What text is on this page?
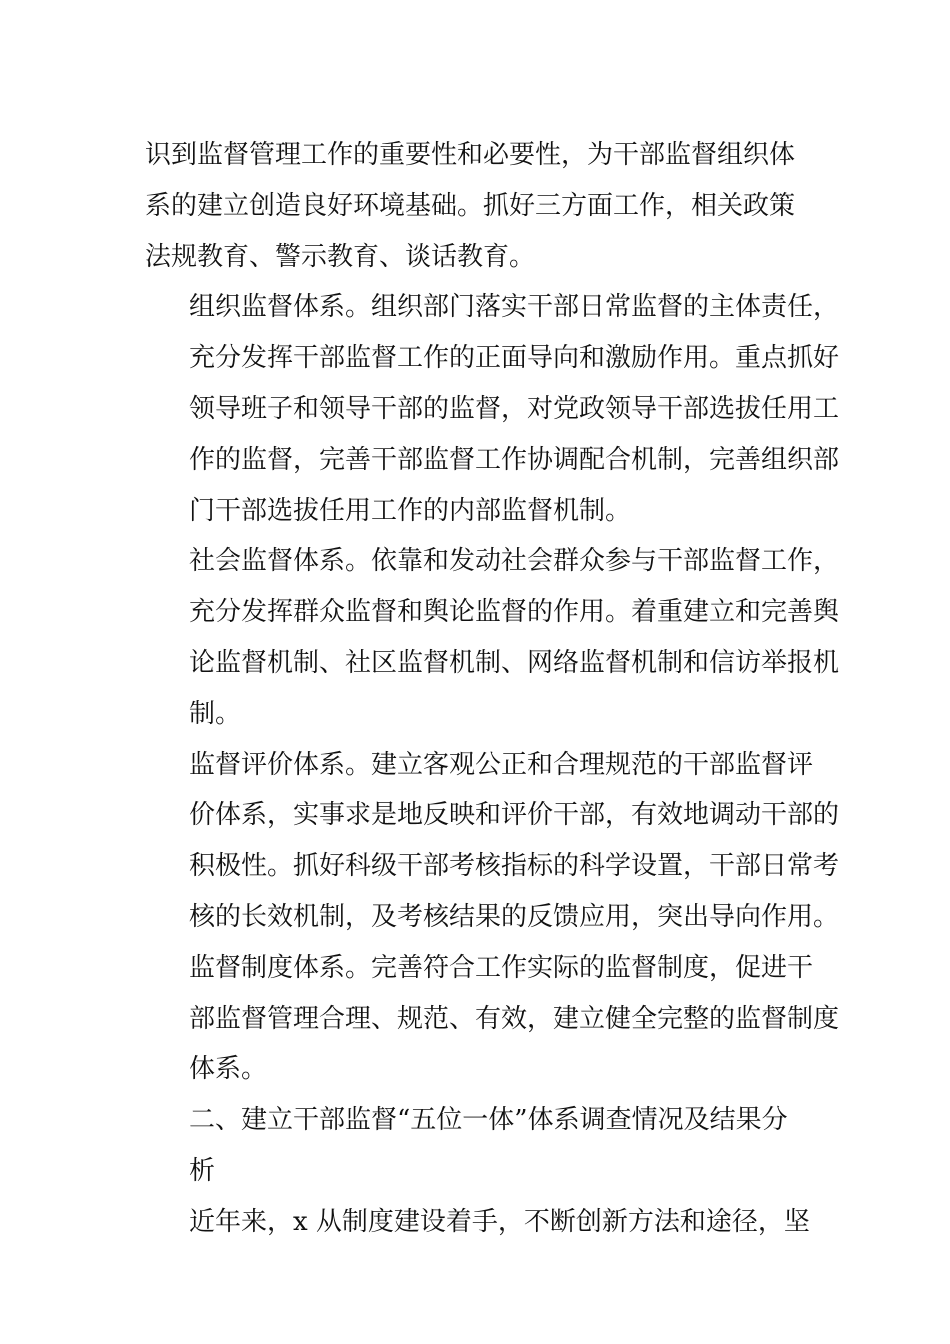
识到监督管理工作的重要性和必要性，为干部监督组织体
系的建立创造良好环境基础。抓好三方面工作，相关政策
法规教育、警示教育、谈话教育。

组织监督体系。组织部门落实干部日常监督的主体责任，
充分发挥干部监督工作的正面导向和激励作用。重点抓好
领导班子和领导干部的监督，对党政领导干部选拔任用工
作的监督，完善干部监督工作协调配合机制，完善组织部
门干部选拔任用工作的内部监督机制。

社会监督体系。依靠和发动社会群众参与干部监督工作，
充分发挥群众监督和舆论监督的作用。着重建立和完善舆
论监督机制、社区监督机制、网络监督机制和信访举报机
制。

监督评价体系。建立客观公正和合理规范的干部监督评
价体系，实事求是地反映和评价干部，有效地调动干部的
积极性。抓好科级干部考核指标的科学设置，干部日常考
核的长效机制，及考核结果的反馈应用，突出导向作用。

监督制度体系。完善符合工作实际的监督制度，促进干
部监督管理合理、规范、有效，建立健全完整的监督制度
体系。

二、建立干部监督“五位一体”体系调查情况及结果分
析

近年来，x 从制度建设着手，不断创新方法和途径，坚
